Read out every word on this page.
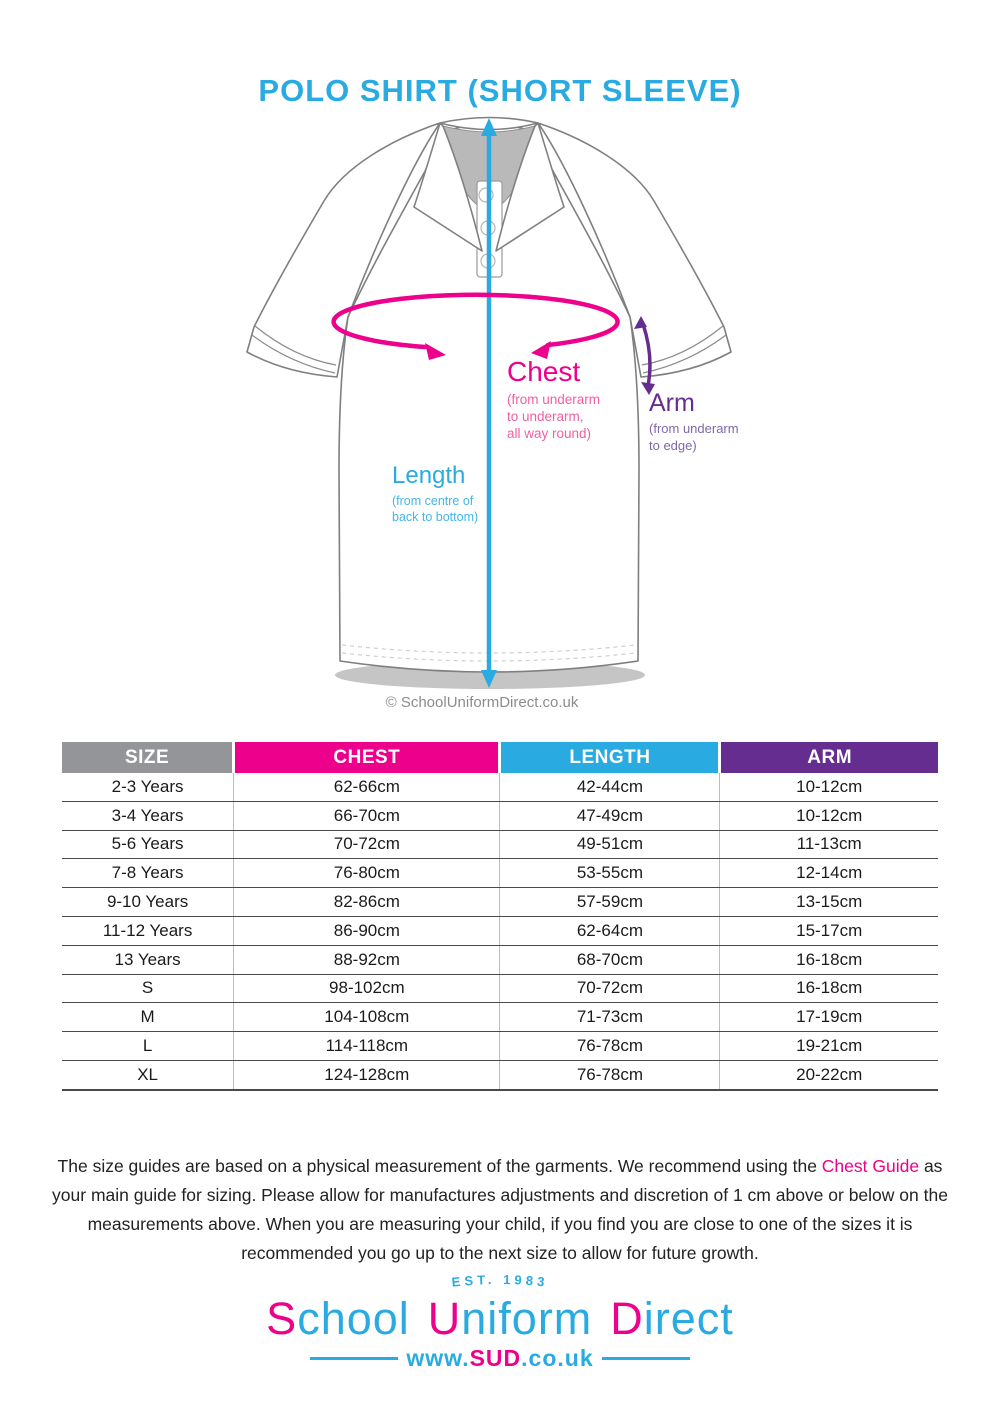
POLO SHIRT (SHORT SLEEVE)
Chest
(from underarm
to underarm,
all way round)
Arm
(from underarm
to edge)
Length
(from centre of
back to bottom)
© SchoolUniformDirect.co.uk
SIZE	CHEST	LENGTH	ARM
2-3 Years	62-66cm	42-44cm	10-12cm
3-4 Years	66-70cm	47-49cm	10-12cm
5-6 Years	70-72cm	49-51cm	11-13cm
7-8 Years	76-80cm	53-55cm	12-14cm
9-10 Years	82-86cm	57-59cm	13-15cm
11-12 Years	86-90cm	62-64cm	15-17cm
13 Years	88-92cm	68-70cm	16-18cm
S	98-102cm	70-72cm	16-18cm
M	104-108cm	71-73cm	17-19cm
L	114-118cm	76-78cm	19-21cm
XL	124-128cm	76-78cm	20-22cm

The size guides are based on a physical measurement of the garments. We recommend using the Chest Guide as your main guide for sizing. Please allow for manufactures adjustments and discretion of 1 cm above or below on the measurements above. When you are measuring your child, if you find you are close to one of the sizes it is recommended you go up to the next size to allow for future growth.

EST. 1983
School Uniform Direct
www.SUD.co.uk
